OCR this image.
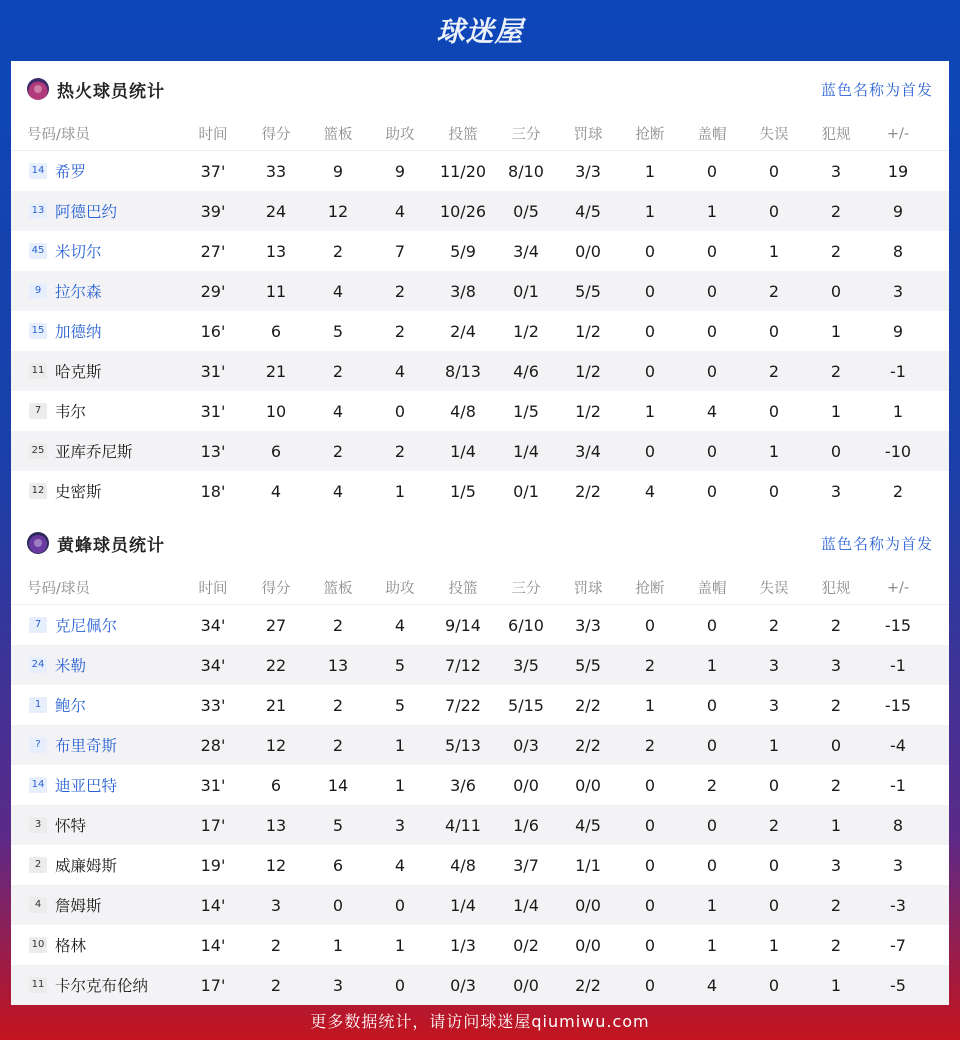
球迷屋
热火球员统计	蓝色名称为首发
号码/球员	时间	得分	篮板	助攻	投篮	三分	罚球	抢断	盖帽	失误	犯规	+/-
14 希罗	37'	33	9	9	11/20	8/10	3/3	1	0	0	3	19
13 阿德巴约	39'	24	12	4	10/26	0/5	4/5	1	1	0	2	9
45 米切尔	27'	13	2	7	5/9	3/4	0/0	0	0	1	2	8
9 拉尔森	29'	11	4	2	3/8	0/1	5/5	0	0	2	0	3
15 加德纳	16'	6	5	2	2/4	1/2	1/2	0	0	0	1	9
11 哈克斯	31'	21	2	4	8/13	4/6	1/2	0	0	2	2	-1
7 韦尔	31'	10	4	0	4/8	1/5	1/2	1	4	0	1	1
25 亚库乔尼斯	13'	6	2	2	1/4	1/4	3/4	0	0	1	0	-10
12 史密斯	18'	4	4	1	1/5	0/1	2/2	4	0	0	3	2
黄蜂球员统计	蓝色名称为首发
号码/球员	时间	得分	篮板	助攻	投篮	三分	罚球	抢断	盖帽	失误	犯规	+/-
7 克尼佩尔	34'	27	2	4	9/14	6/10	3/3	0	0	2	2	-15
24 米勒	34'	22	13	5	7/12	3/5	5/5	2	1	3	3	-1
1 鲍尔	33'	21	2	5	7/22	5/15	2/2	1	0	3	2	-15
? 布里奇斯	28'	12	2	1	5/13	0/3	2/2	2	0	1	0	-4
14 迪亚巴特	31'	6	14	1	3/6	0/0	0/0	0	2	0	2	-1
3 怀特	17'	13	5	3	4/11	1/6	4/5	0	0	2	1	8
2 威廉姆斯	19'	12	6	4	4/8	3/7	1/1	0	0	0	3	3
4 詹姆斯	14'	3	0	0	1/4	1/4	0/0	0	1	0	2	-3
10 格林	14'	2	1	1	1/3	0/2	0/0	0	1	1	2	-7
11 卡尔克布伦纳	17'	2	3	0	0/3	0/0	2/2	0	4	0	1	-5
更多数据统计，请访问球迷屋qiumiwu.com
